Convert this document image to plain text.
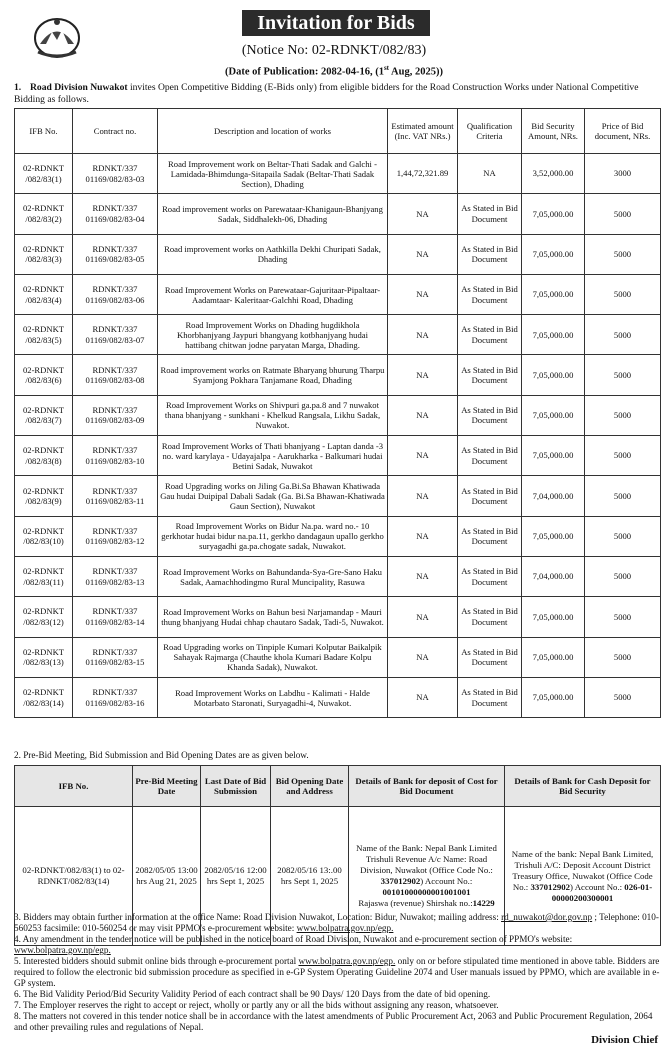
Invitation for Bids
(Notice No: 02-RDNKT/082/83)
(Date of Publication: 2082-04-16, (1st Aug, 2025))
1. Road Division Nuwakot invites Open Competitive Bidding (E-Bids only) from eligible bidders for the Road Construction Works under National Competitive Bidding as follows.
IFB No.	Contract no.	Description and location of works	Estimated amount (Inc. VAT NRs.)	Qualification Criteria	Bid Security Amount, NRs.	Price of Bid document, NRs.
02-RDNKT /082/83(1)	RDNKT/337 01169/082/83-03	Road Improvement work on Beltar-Thati Sadak and Galchi -Lamidada-Bhimdunga-Sitapaila Sadak (Beltar-Thati Sadak Section), Dhading	1,44,72,321.89	NA	3,52,000.00	3000
02-RDNKT /082/83(2)	RDNKT/337 01169/082/83-04	Road improvement works on Parewataar-Khanigaun-Bhanjyang Sadak, Siddhalekh-06, Dhading	NA	As Stated in Bid Document	7,05,000.00	5000
02-RDNKT /082/83(3)	RDNKT/337 01169/082/83-05	Road improvement works on Aathkilla Dekhi Churipati Sadak, Dhading	NA	As Stated in Bid Document	7,05,000.00	5000
02-RDNKT /082/83(4)	RDNKT/337 01169/082/83-06	Road Improvement Works on Parewataar-Gajuritaar-Pipaltaar-Aadamtaar- Kaleritaar-Galchhi Road, Dhading	NA	As Stated in Bid Document	7,05,000.00	5000
02-RDNKT /082/83(5)	RDNKT/337 01169/082/83-07	Road Improvement Works on Dhading hugdikhola Khorbhanjyang Jaypuri bhangyang kotbhanjyang hudai hattibang chitwan jodne paryatan Marga, Dhading.	NA	As Stated in Bid Document	7,05,000.00	5000
02-RDNKT /082/83(6)	RDNKT/337 01169/082/83-08	Road improvement works on Ratmate Bharyang bhurung Tharpu Syamjong Pokhara Tanjamane Road, Dhading	NA	As Stated in Bid Document	7,05,000.00	5000
02-RDNKT /082/83(7)	RDNKT/337 01169/082/83-09	Road Improvement Works on Shivpuri ga.pa.8 and 7 nuwakot thana bhanjyang - sunkhani - Khelkud Rangsala, Likhu Sadak, Nuwakot.	NA	As Stated in Bid Document	7,05,000.00	5000
02-RDNKT /082/83(8)	RDNKT/337 01169/082/83-10	Road Improvement Works of Thati bhanjyang - Laptan danda -3 no. ward karylaya - Udayajalpa - Aarukharka - Balkumari hudai Betini Sadak, Nuwakot	NA	As Stated in Bid Document	7,05,000.00	5000
02-RDNKT /082/83(9)	RDNKT/337 01169/082/83-11	Road Upgrading works on Jiling Ga.Bi.Sa Bhawan Khatiwada Gau hudai Duipipal Dabali Sadak (Ga. Bi.Sa Bhawan-Khatiwada Gaun Section), Nuwakot	NA	As Stated in Bid Document	7,04,000.00	5000
02-RDNKT /082/83(10)	RDNKT/337 01169/082/83-12	Road Improvement Works on Bidur Na.pa. ward no.- 10 gerkhotar hudai bidur na.pa.11, gerkho dandagaun upallo gerkho suryagadhi ga.pa.chogate sadak, Nuwakot.	NA	As Stated in Bid Document	7,05,000.00	5000
02-RDNKT /082/83(11)	RDNKT/337 01169/082/83-13	Road Improvement Works on Bahundanda-Sya-Gre-Sano Haku Sadak, Aamachhodingmo Rural Muncipality, Rasuwa	NA	As Stated in Bid Document	7,04,000.00	5000
02-RDNKT /082/83(12)	RDNKT/337 01169/082/83-14	Road Improvement Works on Bahun besi Narjamandap - Mauri thung bhanjyang Hudai chhap chautaro Sadak, Tadi-5, Nuwakot.	NA	As Stated in Bid Document	7,05,000.00	5000
02-RDNKT /082/83(13)	RDNKT/337 01169/082/83-15	Road Upgrading works on Tinpiple Kumari Kolputar Baikalpik Sahayak Rajmarga (Chauthe khola Kumari Badare Kolpu Khanda Sadak), Nuwakot.	NA	As Stated in Bid Document	7,05,000.00	5000
02-RDNKT /082/83(14)	RDNKT/337 01169/082/83-16	Road Improvement Works on Labdhu - Kalimati - Halde Motarbato Staronati, Suryagadhi-4, Nuwakot.	NA	As Stated in Bid Document	7,05,000.00	5000
2. Pre-Bid Meeting, Bid Submission and Bid Opening Dates are as given below.
IFB No.	Pre-Bid Meeting Date	Last Date of Bid Submission	Bid Opening Date and Address	Details of Bank for deposit of Cost for Bid Document	Details of Bank for Cash Deposit for Bid Security
02-RDNKT/082/83(1) to 02-RDNKT/082/83(14)	2082/05/05 13:00 hrs Aug 21, 2025	2082/05/16 12:00 hrs Sept 1, 2025	2082/05/16 13:.00 hrs Sept 1, 2025	Name of the Bank: Nepal Bank Limited Trishuli Revenue A/c Name: Road Division, Nuwakot (Office Code No.: 337012902) Account No.:
00101000000001001001
Rajaswa (revenue) Shirshak no.:14229	Name of the bank: Nepal Bank Limited, Trishuli A/C: Deposit Account District Treasury Office, Nuwakot (Office Code No.: 337012902) Account No.: 026-01-00000200300001
3. Bidders may obtain further information at the office Name: Road Division Nuwakot, Location: Bidur, Nuwakot; mailing address: rd_nuwakot@dor.gov.np ; Telephone: 010-560253 facsimile: 010-560254 or may visit PPMO's e-procurement website: www.bolpatra.gov.np/egp.
4. Any amendment in the tender notice will be published in the notice board of Road Division, Nuwakot and e-procurement section of PPMO's website: www.bolpatra.gov.np/egp.
5. Interested bidders should submit online bids through e-procurement portal www.bolpatra.gov.np/egp. only on or before stipulated time mentioned in above table. Bidders are required to follow the electronic bid submission procedure as specified in e-GP System Operating Guideline 2074 and User manuals issued by PPMO, which are available in e-GP system.
6. The Bid Validity Period/Bid Security Validity Period of each contract shall be 90 Days/ 120 Days from the date of bid opening.
7. The Employer reserves the right to accept or reject, wholly or partly any or all the bids without assigning any reason, whatsoever.
8. The matters not covered in this tender notice shall be in accordance with the latest amendments of Public Procurement Act, 2063 and Public Procurement Regulation, 2064 and other prevailing rules and regulations of Nepal.
Division Chief
